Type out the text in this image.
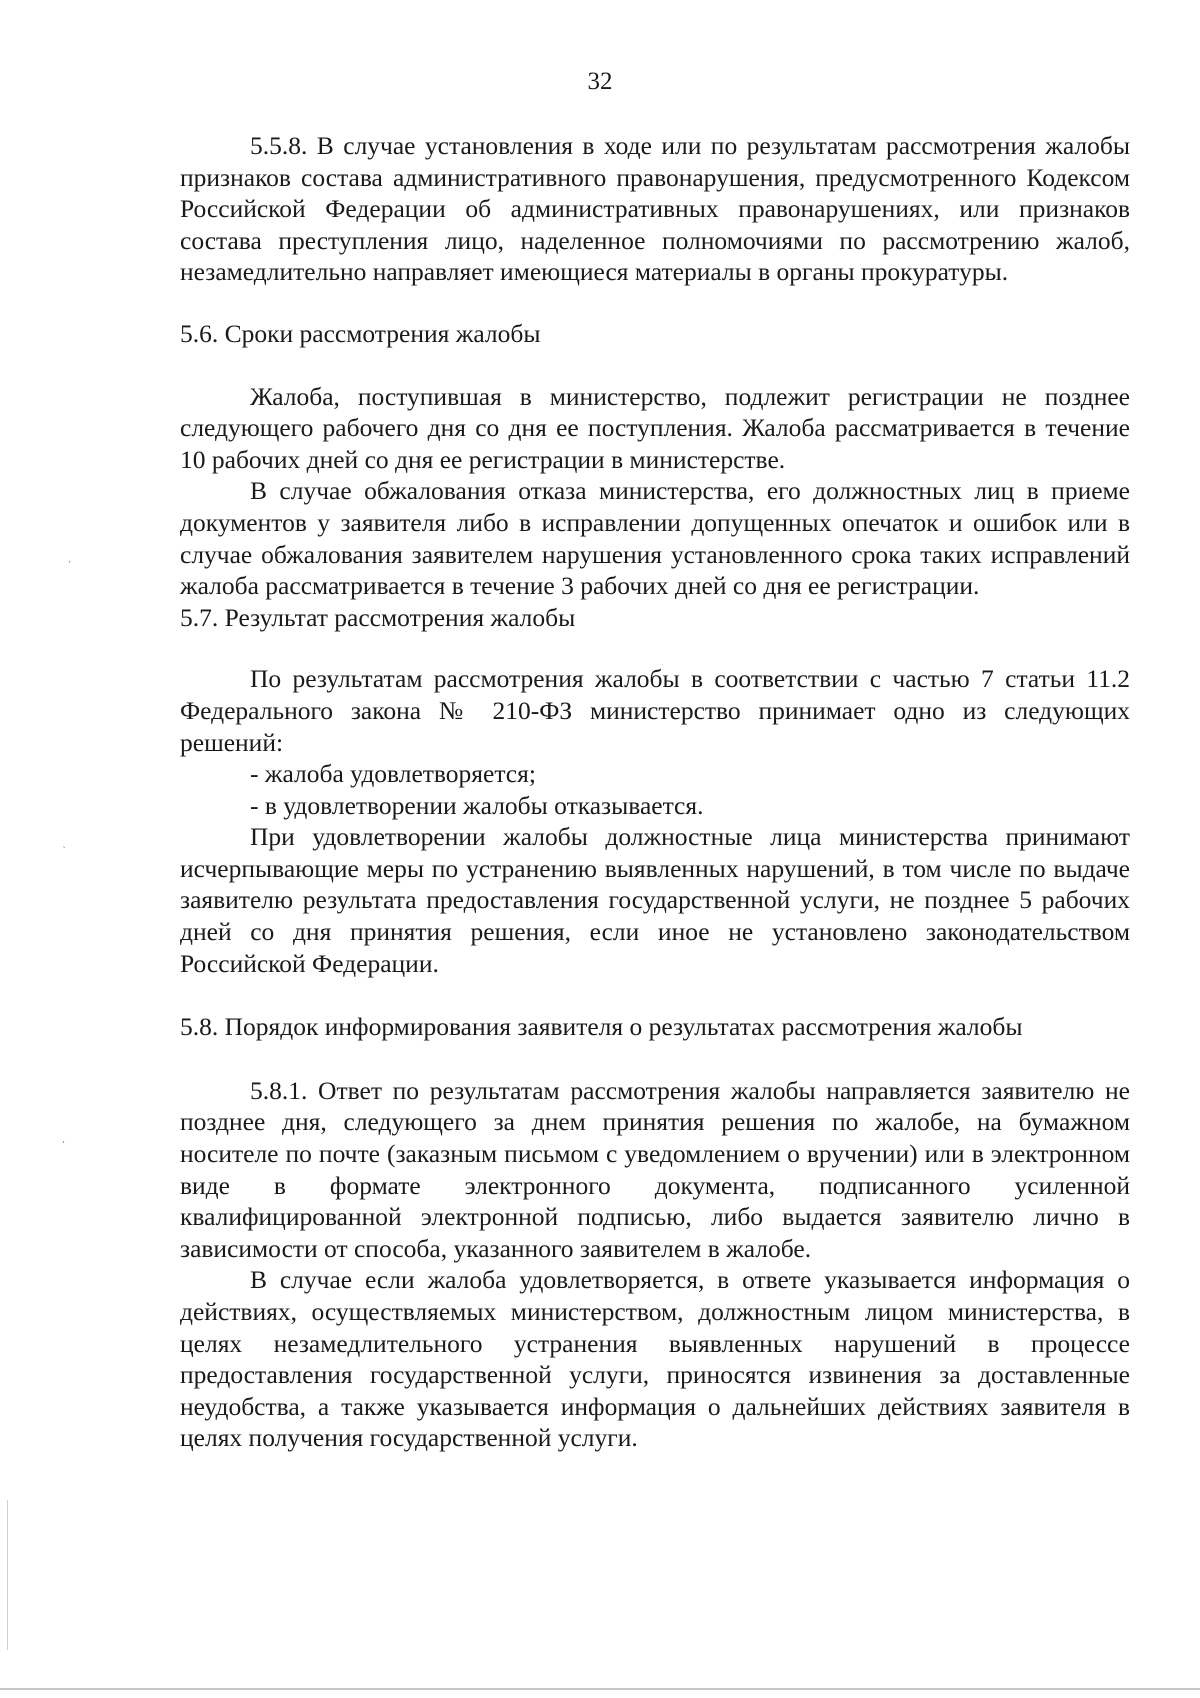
32

5.5.8. В случае установления в ходе или по результатам рассмотрения жалобы признаков состава административного правонарушения, предусмотренного Кодексом Российской Федерации об административных правонарушениях, или признаков состава преступления лицо, наделенное полномочиями по рассмотрению жалоб, незамедлительно направляет имеющиеся материалы в органы прокуратуры.

5.6. Сроки рассмотрения жалобы

Жалоба, поступившая в министерство, подлежит регистрации не позднее следующего рабочего дня со дня ее поступления. Жалоба рассматривается в течение 10 рабочих дней со дня ее регистрации в министерстве.

В случае обжалования отказа министерства, его должностных лиц в приеме документов у заявителя либо в исправлении допущенных опечаток и ошибок или в случае обжалования заявителем нарушения установленного срока таких исправлений жалоба рассматривается в течение 3 рабочих дней со дня ее регистрации.

5.7. Результат рассмотрения жалобы

По результатам рассмотрения жалобы в соответствии с частью 7 статьи 11.2 Федерального закона № 210-ФЗ министерство принимает одно из следующих решений:

- жалоба удовлетворяется;

- в удовлетворении жалобы отказывается.

При удовлетворении жалобы должностные лица министерства принимают исчерпывающие меры по устранению выявленных нарушений, в том числе по выдаче заявителю результата предоставления государственной услуги, не позднее 5 рабочих дней со дня принятия решения, если иное не установлено законодательством Российской Федерации.

5.8. Порядок информирования заявителя о результатах рассмотрения жалобы

5.8.1. Ответ по результатам рассмотрения жалобы направляется заявителю не позднее дня, следующего за днем принятия решения по жалобе, на бумажном носителе по почте (заказным письмом с уведомлением о вручении) или в электронном виде в формате электронного документа, подписанного усиленной квалифицированной электронной подписью, либо выдается заявителю лично в зависимости от способа, указанного заявителем в жалобе.

В случае если жалоба удовлетворяется, в ответе указывается информация о действиях, осуществляемых министерством, должностным лицом министерства, в целях незамедлительного устранения выявленных нарушений в процессе предоставления государственной услуги, приносятся извинения за доставленные неудобства, а также указывается информация о дальнейших действиях заявителя в целях получения государственной услуги.

ʼ
`
ʻ
